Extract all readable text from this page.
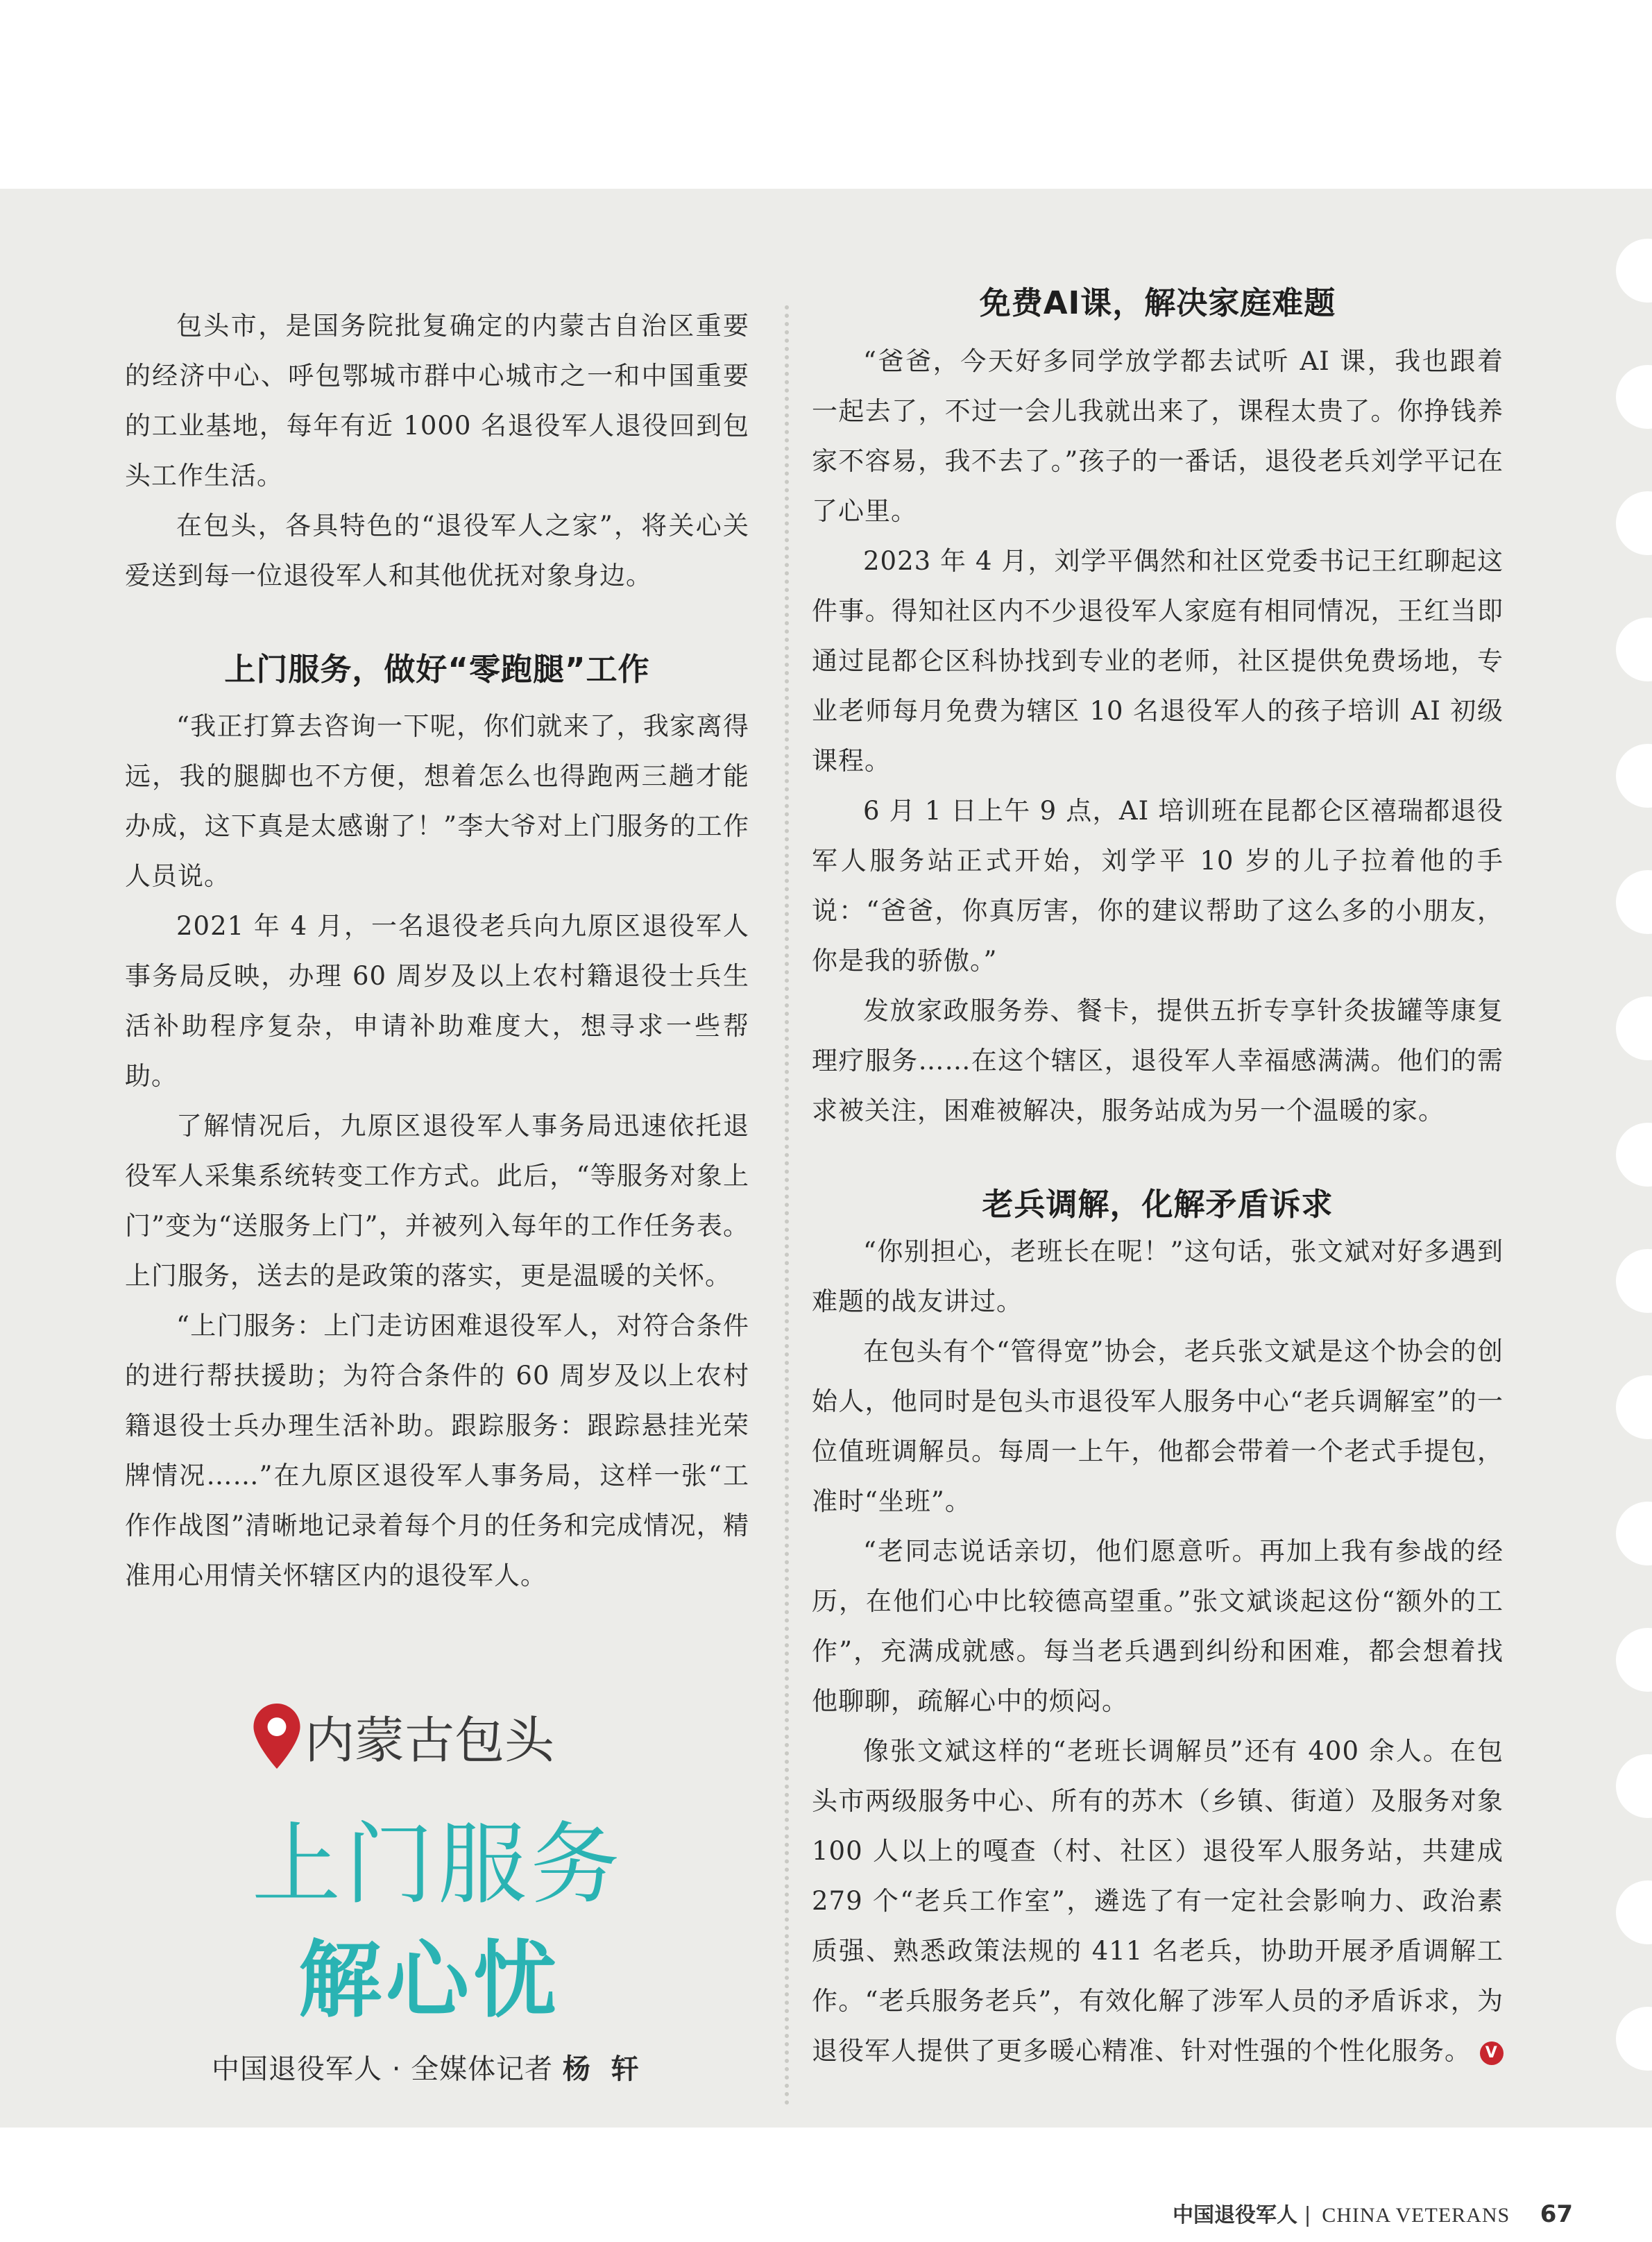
包头市，是国务院批复确定的内蒙古自治区重要的经济中心、呼包鄂城市群中心城市之一和中国重要的工业基地，每年有近 1000 名退役军人退役回到包头工作生活。

在包头，各具特色的“退役军人之家”，将关心关爱送到每一位退役军人和其他优抚对象身边。

上门服务，做好“零跑腿”工作

“我正打算去咨询一下呢，你们就来了，我家离得远，我的腿脚也不方便，想着怎么也得跑两三趟才能办成，这下真是太感谢了！”李大爷对上门服务的工作人员说。

2021 年 4 月，一名退役老兵向九原区退役军人事务局反映，办理 60 周岁及以上农村籍退役士兵生活补助程序复杂，申请补助难度大，想寻求一些帮助。

了解情况后，九原区退役军人事务局迅速依托退役军人采集系统转变工作方式。此后，“等服务对象上门”变为“送服务上门”，并被列入每年的工作任务表。上门服务，送去的是政策的落实，更是温暖的关怀。

“上门服务：上门走访困难退役军人，对符合条件的进行帮扶援助；为符合条件的 60 周岁及以上农村籍退役士兵办理生活补助。跟踪服务：跟踪悬挂光荣牌情况……”在九原区退役军人事务局，这样一张“工作作战图”清晰地记录着每个月的任务和完成情况，精准用心用情关怀辖区内的退役军人。

内蒙古包头
上门服务
解心忧
中国退役军人 · 全媒体记者 杨 轩
免费AI课，解决家庭难题

“爸爸，今天好多同学放学都去试听 AI 课，我也跟着一起去了，不过一会儿我就出来了，课程太贵了。你挣钱养家不容易，我不去了。”孩子的一番话，退役老兵刘学平记在了心里。

2023 年 4 月，刘学平偶然和社区党委书记王红聊起这件事。得知社区内不少退役军人家庭有相同情况，王红当即通过昆都仑区科协找到专业的老师，社区提供免费场地，专业老师每月免费为辖区 10 名退役军人的孩子培训 AI 初级课程。

6 月 1 日上午 9 点，AI 培训班在昆都仑区禧瑞都退役军人服务站正式开始，刘学平 10 岁的儿子拉着他的手说：“爸爸，你真厉害，你的建议帮助了这么多的小朋友，你是我的骄傲。”

发放家政服务券、餐卡，提供五折专享针灸拔罐等康复理疗服务……在这个辖区，退役军人幸福感满满。他们的需求被关注，困难被解决，服务站成为另一个温暖的家。

老兵调解，化解矛盾诉求

“你别担心，老班长在呢！”这句话，张文斌对好多遇到难题的战友讲过。

在包头有个“管得宽”协会，老兵张文斌是这个协会的创始人，他同时是包头市退役军人服务中心“老兵调解室”的一位值班调解员。每周一上午，他都会带着一个老式手提包，准时“坐班”。

“老同志说话亲切，他们愿意听。再加上我有参战的经历，在他们心中比较德高望重。”张文斌谈起这份“额外的工作”，充满成就感。每当老兵遇到纠纷和困难，都会想着找他聊聊，疏解心中的烦闷。

像张文斌这样的“老班长调解员”还有 400 余人。在包头市两级服务中心、所有的苏木（乡镇、街道）及服务对象 100 人以上的嘎查（村、社区）退役军人服务站，共建成 279 个“老兵工作室”，遴选了有一定社会影响力、政治素质强、熟悉政策法规的 411 名老兵，协助开展矛盾调解工作。“老兵服务老兵”，有效化解了涉军人员的矛盾诉求，为退役军人提供了更多暖心精准、针对性强的个性化服务。 V

中国退役军人 | CHINA VETERANS 67
